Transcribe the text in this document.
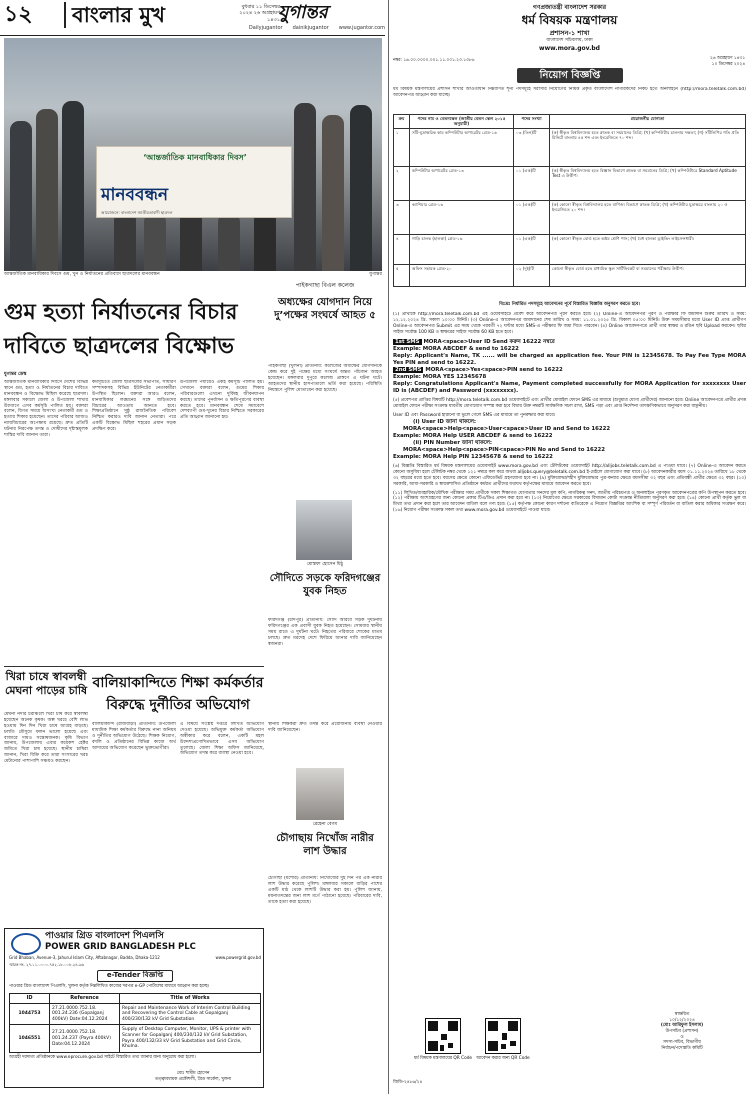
১২	বাংলার মুখ	বুধবার ১১ ডিসেম্বর ২০২৪ ২৬ অগ্রহায়ণ ১৪৩১
যুগান্তর
Dailyjugantor dainikjugantor www.jugantor.com
‘আন্তর্জাতিক মানবাধিকার দিবস’
মানববন্ধন
আয়োজনে: বাংলাদেশ জাতীয়তাবাদী ছাত্রদল
আন্তর্জাতিক মানবাধিকার দিবসে গুম, খুন ও নির্যাতনের প্রতিবাদে ছাত্রদলের মানববন্ধন	যুগান্তর
গুম হত্যা নির্যাতনের বিচার দাবিতে ছাত্রদলের বিক্ষোভ
যুগান্তর ডেস্ক
আন্তর্জাতিক মানবাধিকার দিবসে দেশের বিভিন্ন স্থানে গুম, হত্যা ও নির্যাতনের বিচার দাবিতে মানববন্ধন ও বিক্ষোভ মিছিল করেছে ছাত্রদল। মঙ্গলবার সকালে জেলা ও উপজেলা শাখার উদ্যোগে এসব কর্মসূচি পালিত হয়। বক্তারা বলেন, বিগত সময়ে অসংখ্য নেতাকর্মী গুম ও হত্যার শিকার হয়েছেন। তাদের পরিবার আজও ন্যায়বিচারের অপেক্ষায় রয়েছে। দ্রুত প্রতিটি ঘটনার নিরপেক্ষ তদন্ত ও দোষীদের দৃষ্টান্তমূলক শাস্তির দাবি জানান তারা।
কর্মসূচিতে জেলা ছাত্রদলের সভাপতি, সাধারণ সম্পাদকসহ বিভিন্ন ইউনিটের নেতাকর্মীরা উপস্থিত ছিলেন। বক্তারা আরও বলেন, মানবাধিকার লঙ্ঘনের সঙ্গে জড়িতদের বিচারের আওতায় আনতে হবে। শিক্ষাপ্রতিষ্ঠানে সুষ্ঠু রাজনৈতিক পরিবেশ নিশ্চিত করারও দাবি জানান নেতারা। পরে একটি বিক্ষোভ মিছিল শহরের প্রধান সড়ক প্রদক্ষিণ করে।
উপজেলা পর্যায়েও একই কর্মসূচি পালিত হয়। সেখানে বক্তারা বলেন, গুমের শিকার পরিবারগুলো এখনো দুর্বিষহ জীবনযাপন করছে। তাদের পুনর্বাসন ও ক্ষতিপূরণের ব্যবস্থা করতে হবে। মানববন্ধন শেষে সমাবেশে দেশব্যাপী গুম-খুনের বিচার নিশ্চিতে সরকারের প্রতি আহ্বান জানানো হয়।
পাইকগাছা বিএল কলেজ
অধ্যক্ষের যোগদান নিয়ে দু’পক্ষের সংঘর্ষে আহত ৫
পাইকগাছা (খুলনা) প্রতিনিধি: কলেজের অধ্যক্ষের যোগদানকে কেন্দ্র করে দুই পক্ষের মধ্যে সংঘর্ষে অন্তত পাঁচজন আহত হয়েছেন। মঙ্গলবার দুপুরে কলেজ প্রাঙ্গণে এ ঘটনা ঘটে। আহতদের স্থানীয় হাসপাতালে ভর্তি করা হয়েছে। পরিস্থিতি নিয়ন্ত্রণে পুলিশ মোতায়েন করা হয়েছে।
মোস্তফা হোসেন মিঠু
সৌদিতে সড়কে ফরিদগঞ্জের যুবক নিহত
ফরিদগঞ্জ (চাঁদপুর) প্রতিনিধি: সৌদি আরবে সড়ক দুর্ঘটনায় ফরিদগঞ্জের এক প্রবাসী যুবক নিহত হয়েছেন। সোমবার স্থানীয় সময় রাতে এ দুর্ঘটনা ঘটে। নিহতের পরিবারে শোকের মাতম চলছে। দ্রুত মরদেহ দেশে ফিরিয়ে আনার দাবি জানিয়েছেন স্বজনরা।
খিরা চাষে স্বাবলম্বী মেঘনা পাড়ের চাষি
মেঘনা নদীর চরাঞ্চলে খিরা চাষ করে স্বাবলম্বী হয়েছেন অনেক কৃষক। অল্প খরচে বেশি লাভ হওয়ায় দিন দিন খিরা চাষে আগ্রহ বাড়ছে। চলতি মৌসুমে ফলন ভালো হয়েছে এবং বাজারে দামও সন্তোষজনক। কৃষি বিভাগ জানায়, উপজেলায় এবার কয়েকশ হেক্টর জমিতে খিরা চাষ হয়েছে। স্থানীয় চাষিরা জানান, খিরা বিক্রি করে তারা সংসারের খরচ মেটানোর পাশাপাশি সঞ্চয়ও করছেন।
বালিয়াকান্দিতে শিক্ষা কর্মকর্তার বিরুদ্ধে দুর্নীতির অভিযোগ
বালিয়াকান্দি (রাজবাড়ী) প্রতিনিধি: উপজেলা মাধ্যমিক শিক্ষা কর্মকর্তার বিরুদ্ধে নানা অনিয়ম ও দুর্নীতির অভিযোগ উঠেছে। শিক্ষক নিয়োগ, বদলি ও প্রতিষ্ঠানের বিভিন্ন কাজে অর্থ আদায়ের অভিযোগ করেছেন ভুক্তভোগীরা।
এ বিষয়ে সংশ্লিষ্ট দপ্তরে লিখিত অভিযোগ দেওয়া হয়েছে। অভিযুক্ত কর্মকর্তা অভিযোগ অস্বীকার করে বলেন, একটি মহল উদ্দেশ্যপ্রণোদিতভাবে এসব অভিযোগ তুলেছে। জেলা শিক্ষা অফিস জানিয়েছে, অভিযোগ তদন্ত করে ব্যবস্থা নেওয়া হবে।
স্থানীয় শিক্ষকরা দ্রুত তদন্ত করে প্রয়োজনীয় ব্যবস্থা নেওয়ার দাবি জানিয়েছেন।
রেহেনা বেগম
চৌগাছায় নিখোঁজ নারীর লাশ উদ্ধার
চৌগাছা (যশোর) প্রতিনিধি: নিখোঁজের দুই দিন পর এক নারীর লাশ উদ্ধার করেছে পুলিশ। মঙ্গলবার সকালে বাড়ির পাশের একটি মাঠ থেকে লাশটি উদ্ধার করা হয়। পুলিশ জানায়, ময়নাতদন্তের জন্য লাশ মর্গে পাঠানো হয়েছে। পরিবারের দাবি, তাকে হত্যা করা হয়েছে।
পাওয়ার গ্রিড বাংলাদেশ পিএলসি
POWER GRID BANGLADESH PLC
Grid Bhaban, Avenue-3, Jahurul Islam City, Aftabnagar, Badda, Dhaka-1212	www.powergrid.gov.bd
স্মারক নং- ২৭.১১.০০০০.৭৫২.১৮.০০৮.২৪-৯৬
e-Tender বিজ্ঞপ্তি
পাওয়ার গ্রিড বাংলাদেশ পিএলসি, খুলনা কর্তৃক নিম্নলিখিত কাজের দরপত্র e-GP পোর্টালের মাধ্যমে আহ্বান করা হচ্ছে।
ID	Reference	Title of Works
1044753	27.21.0000.752.18. 001.24.236 (Gopalganj 400kV) Date:04.12.2024	Repair and Maintenance Work of Interim Control Building and Recovering the Control Cable at Gopalganj 400/230/132 kV Grid Substation
1046551	27.21.0000.752.18. 001.24.237 (Payra 400kV) Date:04.12.2024	Supply of Desktop Computer, Monitor, UPS & printer with Scanner for Gopalganj 400/230/132 kV Grid Substation, Payra 400/132/33 kV Grid Substation and Grid Circle, Khulna.
আগ্রহী দরদাতা প্রতিষ্ঠানকে www.eprocure.gov.bd সাইটে বিস্তারিত তথ্য জানার জন্য অনুরোধ করা হলো।
মোঃ শামীম হোসেন
তত্ত্বাবধায়ক প্রকৌশলী, গ্রিড সার্কেল, খুলনা
গণপ্রজাতন্ত্রী বাংলাদেশ সরকার
ধর্ম বিষয়ক মন্ত্রণালয়
প্রশাসন-১ শাখা
বাংলাদেশ সচিবালয়, ঢাকা
www.mora.gov.bd
নম্বর: ১৬.০০.০০০০.০০১.১১.০০১.২৩.১৩৮৬	২৬ অগ্রহায়ণ ১৪৩১
১০ ডিসেম্বর ২০২৪
নিয়োগ বিজ্ঞপ্তি
ধর্ম বিষয়ক মন্ত্রণালয়ের প্রশাসন শাখার আওতাধীন নিম্নবর্ণিত শূন্য পদসমূহে সরাসরি নিয়োগের নিমিত্ত প্রকৃত বাংলাদেশি নাগরিকদের নিকট হতে অনলাইনে (http://mora.teletalk.com.bd) আবেদনপত্র আহ্বান করা যাচ্ছে।
ক্রম	পদের নাম ও বেতনস্কেল (জাতীয় বেতন স্কেল ২০১৫ অনুযায়ী)	পদের সংখ্যা	প্রয়োজনীয় যোগ্যতা
১	সাঁট-মুদ্রাক্ষরিক কাম কম্পিউটার অপারেটর গ্রেড-১৬	০৩ (তিন)টি	(ক) স্বীকৃত বিশ্ববিদ্যালয় হতে স্নাতক বা সমমানের ডিগ্রি; (খ) কম্পিউটার চালনায় দক্ষতা; (গ) সাঁটলিপির গতি প্রতি মিনিটে বাংলায় ৪৫ শব্দ এবং ইংরেজিতে ৭০ শব্দ।
২	কম্পিউটার অপারেটর গ্রেড-১৩	০১ (এক)টি	(ক) স্বীকৃত বিশ্ববিদ্যালয় হতে বিজ্ঞান বিভাগে স্নাতক বা সমমানের ডিগ্রি; (খ) কম্পিউটারে Standard Aptitude Test এ উত্তীর্ণ।
৩	ক্যাশিয়ার গ্রেড-১৬	০১ (এক)টি	(ক) কোনো স্বীকৃত বিশ্ববিদ্যালয় হতে বাণিজ্য বিভাগে স্নাতক ডিগ্রি; (খ) কম্পিউটার মুদ্রাক্ষরে বাংলায় ২০ ও ইংরেজিতে ২০ শব্দ।
৪	গাড়ি চালক (হালকা) গ্রেড-১৬	০১ (এক)টি	(ক) কোনো স্বীকৃত বোর্ড হতে অষ্টম শ্রেণি পাস; (খ) বৈধ হালকা ড্রাইভিং লাইসেন্সধারী।
৫	অফিস সহায়ক গ্রেড-২০	০২ (দুই)টি	কোনো স্বীকৃত বোর্ড হতে মাধ্যমিক স্কুল সার্টিফিকেট বা সমমানের পরীক্ষায় উত্তীর্ণ।
বিঃদ্রঃ নির্ধারিত পদসমূহে আবেদনের পূর্বে বিস্তারিত বিজ্ঞপ্তি অনুসরণ করতে হবে।

(১) প্রার্থীকে http://mora.teletalk.com.bd এই ওয়েবসাইটে প্রবেশ করে আবেদনপত্র পূরণ করতে হবে। (২) Online-এ আবেদনপত্র পূরণ ও পরীক্ষার ফি জমাদান শুরুর তারিখ ও সময়: ১২.১২.২০২৪ খ্রি. সকাল ১০:০০ মিনিট। (৩) Online-এ আবেদনপত্র জমাদানের শেষ তারিখ ও সময়: ১১.০১.২০২৫ খ্রি. বিকাল ০৫:০০ মিনিট। উক্ত সময়সীমার মধ্যে User ID প্রাপ্ত প্রার্থীগণ Online-এ আবেদনপত্র Submit এর সময় থেকে পরবর্তী ৭২ ঘণ্টার মধ্যে SMS-এ পরীক্ষার ফি জমা দিতে পারবেন। (৪) Online আবেদনপত্রে প্রার্থী তার স্বাক্ষর ও রঙিন ছবি Upload করবেন। ছবির সাইজ সর্বোচ্চ 100 KB ও স্বাক্ষরের সাইজ সর্বোচ্চ 60 KB হতে হবে।

1st SMS MORA<space>User ID Send করুন 16222 নম্বরে
Example: MORA ABCDEF & send to 16222
Reply: Applicant's Name, TK ...... will be charged as application fee. Your PIN is 12345678. To Pay Fee Type MORA Yes PIN and send to 16222.
2nd SMS MORA<space>Yes<space>PIN send to 16222
Example: MORA YES 12345678
Reply: Congratulations Applicant's Name, Payment completed successfully for MORA Application for xxxxxxxx User ID is (ABCDEF) and Password (xxxxxxxx).

(৫) প্রবেশপত্র প্রাপ্তির বিষয়টি http://mora.teletalk.com.bd ওয়েবসাইটে এবং প্রার্থীর মোবাইল ফোনে SMS এর মাধ্যমে (শুধুমাত্র যোগ্য প্রার্থীদের) জানানো হবে। Online আবেদনপত্রে প্রার্থীর প্রদত্ত মোবাইল ফোনে পরীক্ষা সংক্রান্ত যাবতীয় যোগাযোগ সম্পন্ন করা হবে বিধায় উক্ত নম্বরটি সার্বক্ষণিক সচল রাখা, SMS পড়া এবং প্রাপ্ত নির্দেশনা তাৎক্ষণিকভাবে অনুসরণ করা বাঞ্ছনীয়।

User ID এবং Password হারানো বা ভুলে গেলে SMS এর মাধ্যমে তা পুনরুদ্ধার করা যাবে।
(i) User ID জানা থাকলে:
MORA<space>Help<space>User<space>User ID and Send to 16222
Example: MORA Help USER ABCDEF & send to 16222
(ii) PIN Number জানা থাকলে:
MORA<space>Help<space>PIN<space>PIN No and Send to 16222
Example: MORA Help PIN 12345678 & send to 16222

(৬) বিজ্ঞপ্তি বিস্তারিত ধর্ম বিষয়ক মন্ত্রণালয়ের ওয়েবসাইট www.mora.gov.bd এবং টেলিটকের ওয়েবসাইট http://alljobs.teletalk.com.bd এ পাওয়া যাবে। (৭) Online-এ আবেদন করতে কোনো অসুবিধা হলে টেলিটক নম্বর থেকে ১২১ নম্বরে কল করে অথবা alljobs.query@teletalk.com.bd ই-মেইলে যোগাযোগ করা যাবে। (৮) আবেদনকারীর বয়স ০১.১১.২০২৪ তারিখে ১৮ থেকে ৩২ বছরের মধ্যে হতে হবে। বয়সের ক্ষেত্রে কোনো এফিডেভিট গ্রহণযোগ্য হবে না। (৯) মুক্তিযোদ্ধা/শহীদ মুক্তিযোদ্ধার পুত্র-কন্যার ক্ষেত্রে বয়সসীমা ৩২ বছর এবং প্রতিবন্ধী প্রার্থীর ক্ষেত্রে ৩২ বছর। (১০) সরকারি, আধা-সরকারি ও স্বায়ত্তশাসিত প্রতিষ্ঠানে কর্মরত প্রার্থীদের যথাযথ কর্তৃপক্ষের মাধ্যমে আবেদন করতে হবে।

(১১) লিখিত/ব্যবহারিক/মৌখিক পরীক্ষার সময় প্রার্থীকে সকল শিক্ষাগত যোগ্যতার সনদের মূল কপি, নাগরিকত্ব সনদ, জাতীয় পরিচয়পত্র ও অনলাইনে পূরণকৃত আবেদনপত্রের কপি উপস্থাপন করতে হবে। (১২) পরীক্ষায় অংশগ্রহণের জন্য কোনো প্রকার টিএ/ডিএ প্রদান করা হবে না। (১৩) নিয়োগের ক্ষেত্রে সরকারের বিদ্যমান কোটা সংক্রান্ত নীতিমালা অনুসরণ করা হবে। (১৪) কোনো প্রার্থী কর্তৃক ভুল বা মিথ্যা তথ্য প্রদান করা হলে তার আবেদন বাতিল বলে গণ্য হবে। (১৫) কর্তৃপক্ষ কোনো কারণ দর্শানো ব্যতিরেকে এ নিয়োগ বিজ্ঞপ্তির আংশিক বা সম্পূর্ণ পরিবর্তন বা বাতিল করার অধিকার সংরক্ষণ করে। (১৬) নিয়োগ পরীক্ষা সংক্রান্ত সকল তথ্য www.mora.gov.bd ওয়েবসাইটে পাওয়া যাবে।

ধর্ম বিষয়ক মন্ত্রণালয়ের QR Code আবেদন করার জন্য QR Code
স্বাক্ষরিত
১০/১২/২০২৪
(মোঃ আরিফুল ইসলাম)
উপসচিব (প্রশাসন)
ও
সদস্য-সচিব, বিভাগীয়
নির্বাচন/পদোন্নতি কমিটি
জিডি-২৪৮৬/২৪
